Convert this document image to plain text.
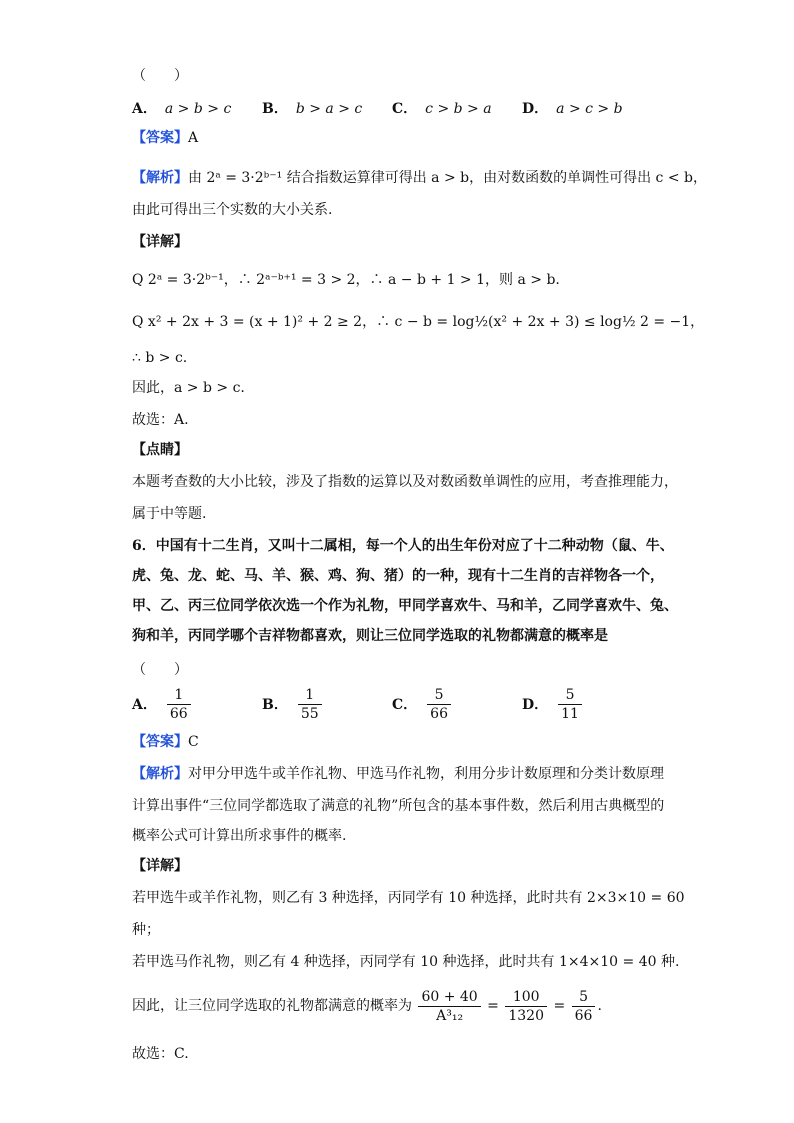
（　　）
A． a > b > c	B． b > a > c	C． c > b > a	D． a > c > b
【答案】A
【解析】由 2ᵃ = 3·2ᵇ⁻¹ 结合指数运算律可得出 a > b，由对数函数的单调性可得出 c < b，
由此可得出三个实数的大小关系.
【详解】
Q 2ᵃ = 3·2ᵇ⁻¹，∴ 2ᵃ⁻ᵇ⁺¹ = 3 > 2，∴ a − b + 1 > 1，则 a > b.
Q x² + 2x + 3 = (x + 1)² + 2 ≥ 2，∴ c − b = log½(x² + 2x + 3) ≤ log½ 2 = −1，
∴ b > c.
因此，a > b > c.
故选：A.
【点睛】
本题考查数的大小比较，涉及了指数的运算以及对数函数单调性的应用，考查推理能力，
属于中等题.
6．中国有十二生肖，又叫十二属相，每一个人的出生年份对应了十二种动物（鼠、牛、
虎、兔、龙、蛇、马、羊、猴、鸡、狗、猪）的一种，现有十二生肖的吉祥物各一个，
甲、乙、丙三位同学依次选一个作为礼物，甲同学喜欢牛、马和羊，乙同学喜欢牛、兔、
狗和羊，丙同学哪个吉祥物都喜欢，则让三位同学选取的礼物都满意的概率是
（　　）
A． $\frac{1}{66}$	B． $\frac{1}{55}$	C． $\frac{5}{66}$	D． $\frac{5}{11}$
【答案】C
【解析】对甲分甲选牛或羊作礼物、甲选马作礼物，利用分步计数原理和分类计数原理
计算出事件“三位同学都选取了满意的礼物”所包含的基本事件数，然后利用古典概型的
概率公式可计算出所求事件的概率.
【详解】
若甲选牛或羊作礼物，则乙有 3 种选择，丙同学有 10 种选择，此时共有 2×3×10 = 60
种；
若甲选马作礼物，则乙有 4 种选择，丙同学有 10 种选择，此时共有 1×4×10 = 40 种.
因此，让三位同学选取的礼物都满意的概率为 $\frac{60 + 40}{\text{A³₁₂}} = \frac{100}{1320} = \frac{5}{66}$ .
故选：C.
